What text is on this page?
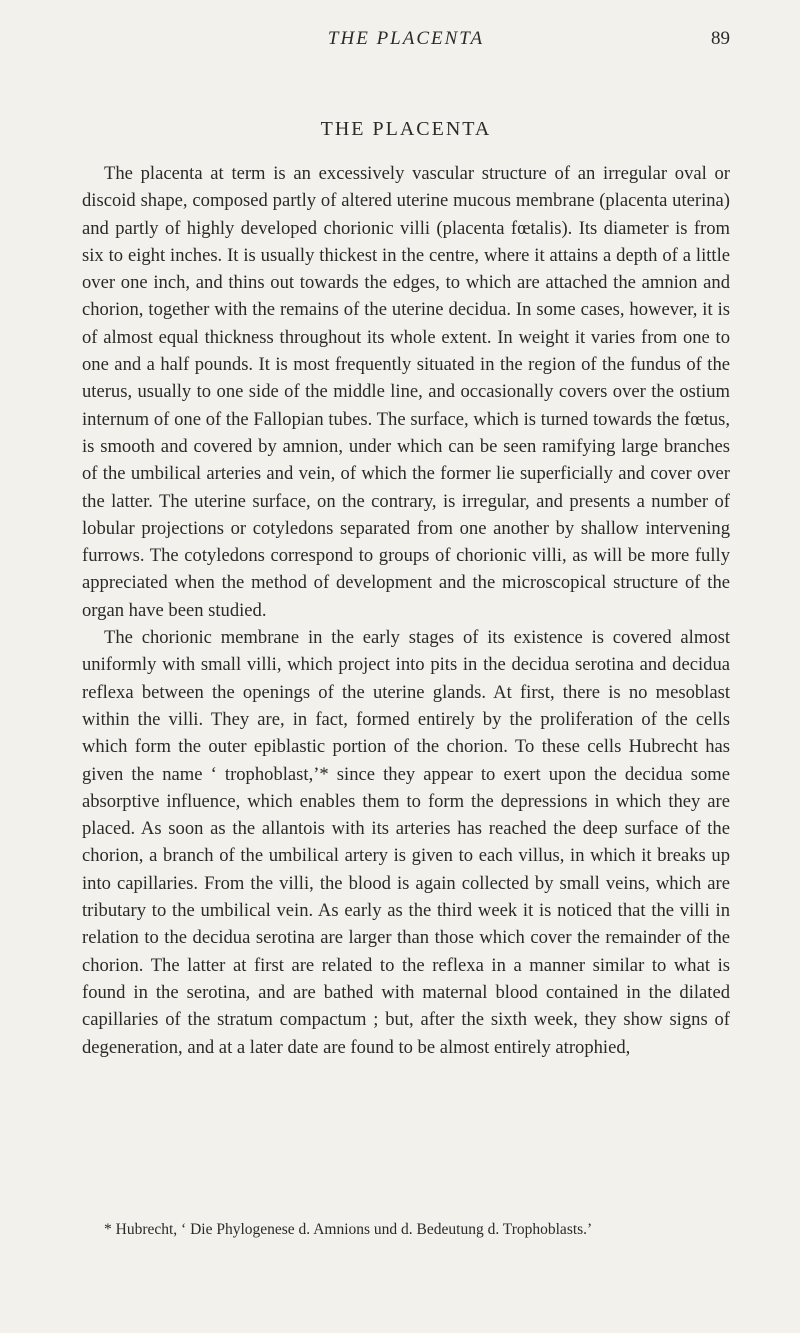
THE PLACENTA	89
THE PLACENTA

The placenta at term is an excessively vascular structure of an irregular oval or discoid shape, composed partly of altered uterine mucous membrane (placenta uterina) and partly of highly developed chorionic villi (placenta fœtalis). Its diameter is from six to eight inches. It is usually thickest in the centre, where it attains a depth of a little over one inch, and thins out towards the edges, to which are attached the amnion and chorion, together with the remains of the uterine decidua. In some cases, however, it is of almost equal thickness throughout its whole extent. In weight it varies from one to one and a half pounds. It is most frequently situated in the region of the fundus of the uterus, usually to one side of the middle line, and occasionally covers over the ostium internum of one of the Fallopian tubes. The surface, which is turned towards the fœtus, is smooth and covered by amnion, under which can be seen ramifying large branches of the umbilical arteries and vein, of which the former lie superficially and cover over the latter. The uterine surface, on the contrary, is irregular, and presents a number of lobular projections or cotyledons separated from one another by shallow intervening furrows. The cotyledons correspond to groups of chorionic villi, as will be more fully appreciated when the method of development and the microscopical structure of the organ have been studied.

The chorionic membrane in the early stages of its existence is covered almost uniformly with small villi, which project into pits in the decidua serotina and decidua reflexa between the openings of the uterine glands. At first, there is no mesoblast within the villi. They are, in fact, formed entirely by the proliferation of the cells which form the outer epiblastic portion of the chorion. To these cells Hubrecht has given the name ‘ trophoblast,’* since they appear to exert upon the decidua some absorptive influence, which enables them to form the depressions in which they are placed. As soon as the allantois with its arteries has reached the deep surface of the chorion, a branch of the umbilical artery is given to each villus, in which it breaks up into capillaries. From the villi, the blood is again collected by small veins, which are tributary to the umbilical vein. As early as the third week it is noticed that the villi in relation to the decidua serotina are larger than those which cover the remainder of the chorion. The latter at first are related to the reflexa in a manner similar to what is found in the serotina, and are bathed with maternal blood contained in the dilated capillaries of the stratum compactum ; but, after the sixth week, they show signs of degeneration, and at a later date are found to be almost entirely atrophied,

* Hubrecht, ‘ Die Phylogenese d. Amnions und d. Bedeutung d. Trophoblasts.’
